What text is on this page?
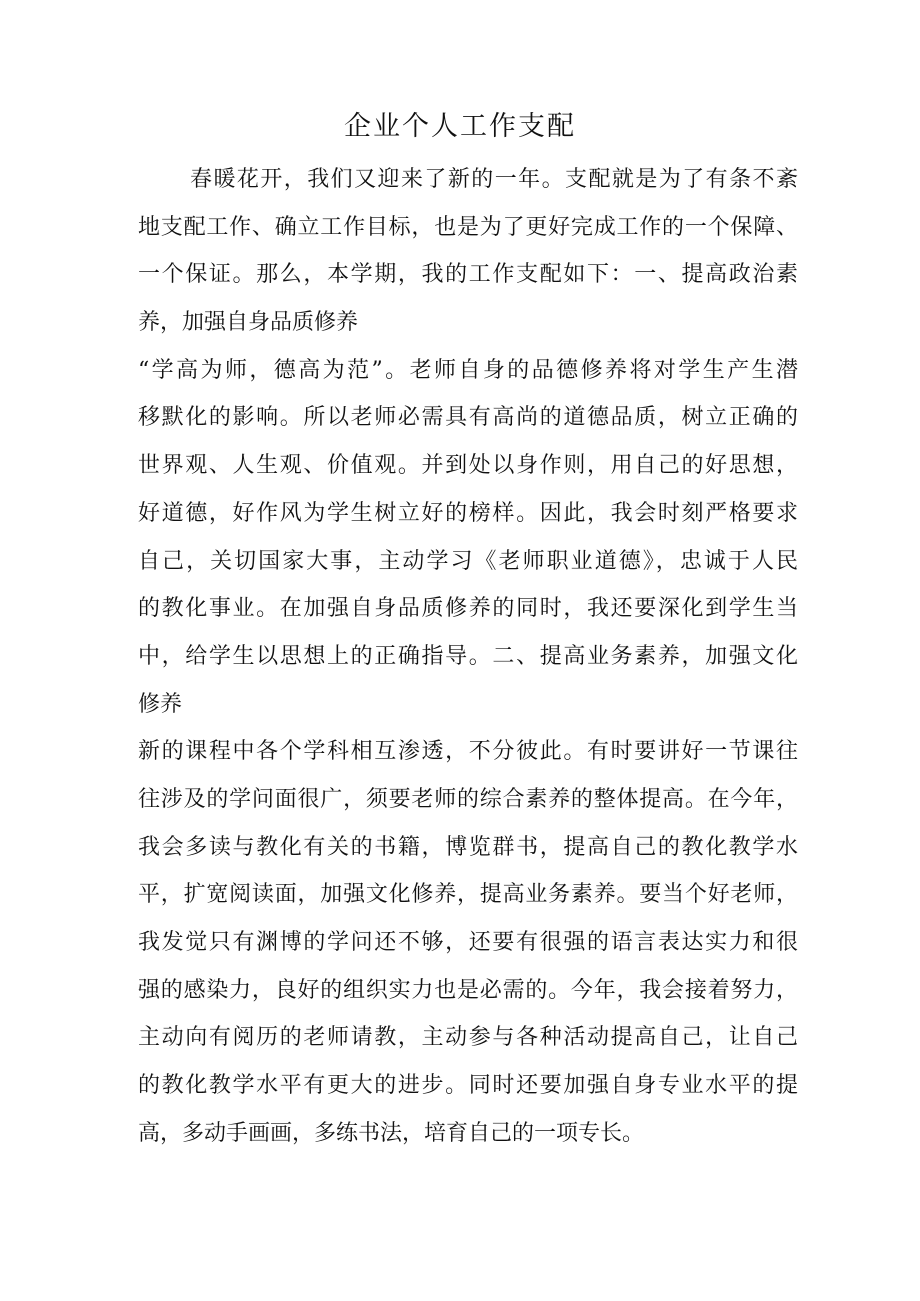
企业个人工作支配
春暖花开，我们又迎来了新的一年。支配就是为了有条不紊
地支配工作、确立工作目标，也是为了更好完成工作的一个保障、
一个保证。那么，本学期，我的工作支配如下：一、提高政治素
养，加强自身品质修养
“学高为师，德高为范”。老师自身的品德修养将对学生产生潜
移默化的影响。所以老师必需具有高尚的道德品质，树立正确的
世界观、人生观、价值观。并到处以身作则，用自己的好思想，
好道德，好作风为学生树立好的榜样。因此，我会时刻严格要求
自己，关切国家大事，主动学习《老师职业道德》，忠诚于人民
的教化事业。在加强自身品质修养的同时，我还要深化到学生当
中，给学生以思想上的正确指导。二、提高业务素养，加强文化
修养
新的课程中各个学科相互渗透，不分彼此。有时要讲好一节课往
往涉及的学问面很广，须要老师的综合素养的整体提高。在今年，
我会多读与教化有关的书籍，博览群书，提高自己的教化教学水
平，扩宽阅读面，加强文化修养，提高业务素养。要当个好老师，
我发觉只有渊博的学问还不够，还要有很强的语言表达实力和很
强的感染力，良好的组织实力也是必需的。今年，我会接着努力，
主动向有阅历的老师请教，主动参与各种活动提高自己，让自己
的教化教学水平有更大的进步。同时还要加强自身专业水平的提
高，多动手画画，多练书法，培育自己的一项专长。
